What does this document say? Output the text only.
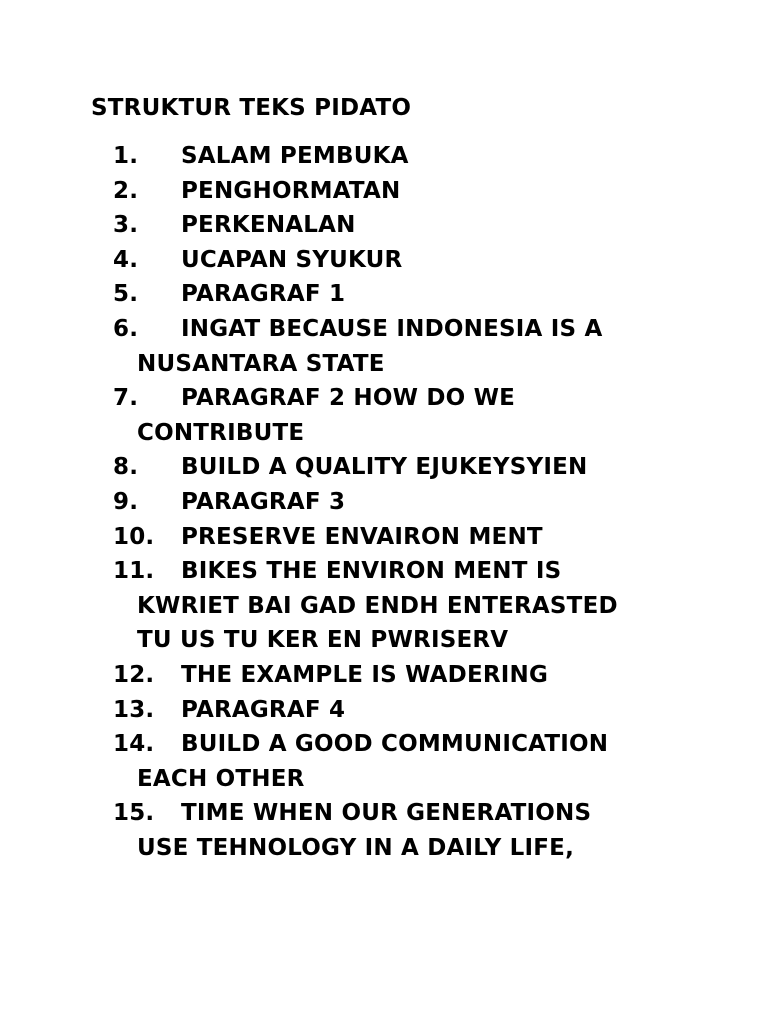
STRUKTUR TEKS PIDATO
1.	SALAM PEMBUKA
2.	PENGHORMATAN
3.	PERKENALAN
4.	UCAPAN SYUKUR
5.	PARAGRAF 1
6.	INGAT BECAUSE INDONESIA IS A
NUSANTARA STATE
7.	PARAGRAF 2 HOW DO WE
CONTRIBUTE
8.	BUILD A QUALITY EJUKEYSYIEN
9.	PARAGRAF 3
10.	PRESERVE ENVAIRON MENT
11.	BIKES THE ENVIRON MENT IS
KWRIET BAI GAD ENDH ENTERASTED
TU US TU KER EN PWRISERV
12.	THE EXAMPLE IS WADERING
13.	PARAGRAF 4
14.	BUILD A GOOD COMMUNICATION
EACH OTHER
15.	TIME WHEN OUR GENERATIONS
USE TEHNOLOGY IN A DAILY LIFE,
